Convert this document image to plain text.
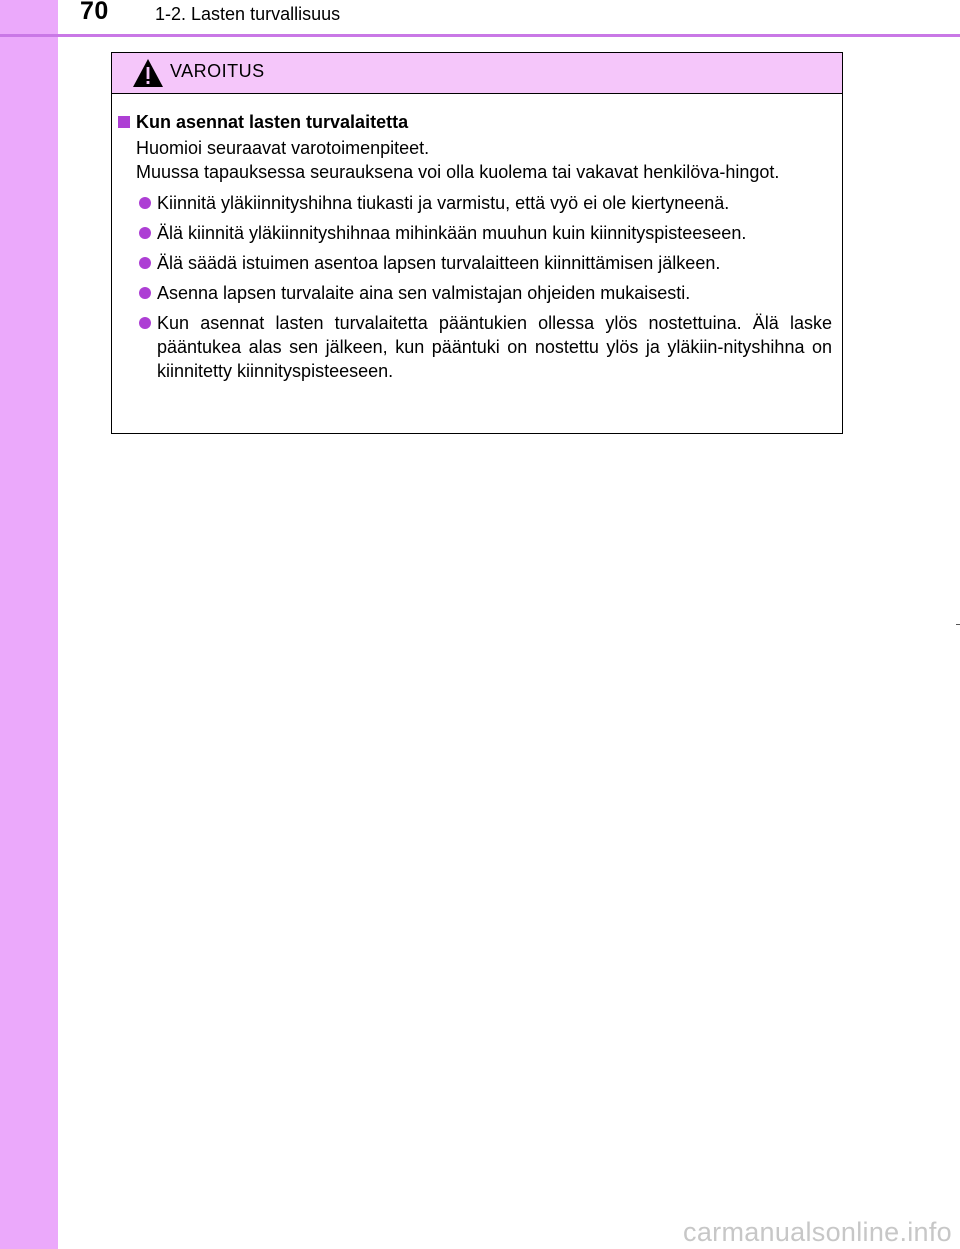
70	1-2. Lasten turvallisuus
VAROITUS
Kun asennat lasten turvalaitetta

Huomioi seuraavat varotoimenpiteet.

Muussa tapauksessa seurauksena voi olla kuolema tai vakavat henkilöva-hingot.

Kiinnitä yläkiinnityshihna tiukasti ja varmistu, että vyö ei ole kiertyneenä.
Älä kiinnitä yläkiinnityshihnaa mihinkään muuhun kuin kiinnityspisteeseen.
Älä säädä istuimen asentoa lapsen turvalaitteen kiinnittämisen jälkeen.
Asenna lapsen turvalaite aina sen valmistajan ohjeiden mukaisesti.
Kun asennat lasten turvalaitetta pääntukien ollessa ylös nostettuina. Älä laske pääntukea alas sen jälkeen, kun pääntuki on nostettu ylös ja yläkiin-nityshihna on kiinnitetty kiinnityspisteeseen.
carmanualsonline.info
